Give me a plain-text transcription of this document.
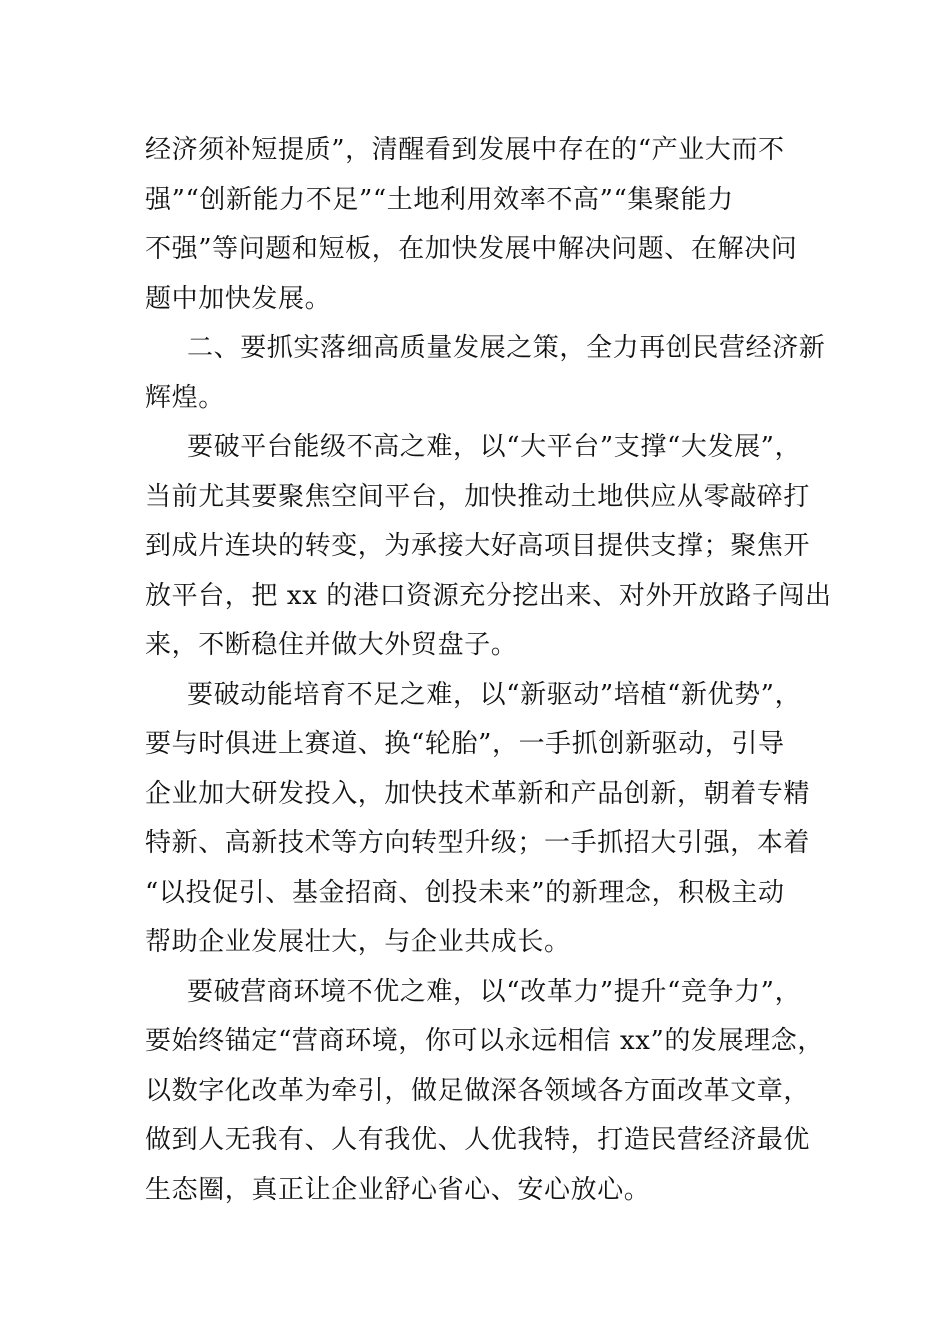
经济须补短提质”，清醒看到发展中存在的“产业大而不
强”“创新能力不足”“土地利用效率不高”“集聚能力
不强”等问题和短板，在加快发展中解决问题、在解决问
题中加快发展。
二、要抓实落细高质量发展之策，全力再创民营经济新
辉煌。
要破平台能级不高之难，以“大平台”支撑“大发展”，
当前尤其要聚焦空间平台，加快推动土地供应从零敲碎打
到成片连块的转变，为承接大好高项目提供支撑；聚焦开
放平台，把 xx 的港口资源充分挖出来、对外开放路子闯出
来，不断稳住并做大外贸盘子。
要破动能培育不足之难，以“新驱动”培植“新优势”，
要与时俱进上赛道、换“轮胎”，一手抓创新驱动，引导
企业加大研发投入，加快技术革新和产品创新，朝着专精
特新、高新技术等方向转型升级；一手抓招大引强，本着
“以投促引、基金招商、创投未来”的新理念，积极主动
帮助企业发展壮大，与企业共成长。
要破营商环境不优之难，以“改革力”提升“竞争力”，
要始终锚定“营商环境，你可以永远相信 xx”的发展理念，
以数字化改革为牵引，做足做深各领域各方面改革文章，
做到人无我有、人有我优、人优我特，打造民营经济最优
生态圈，真正让企业舒心省心、安心放心。
